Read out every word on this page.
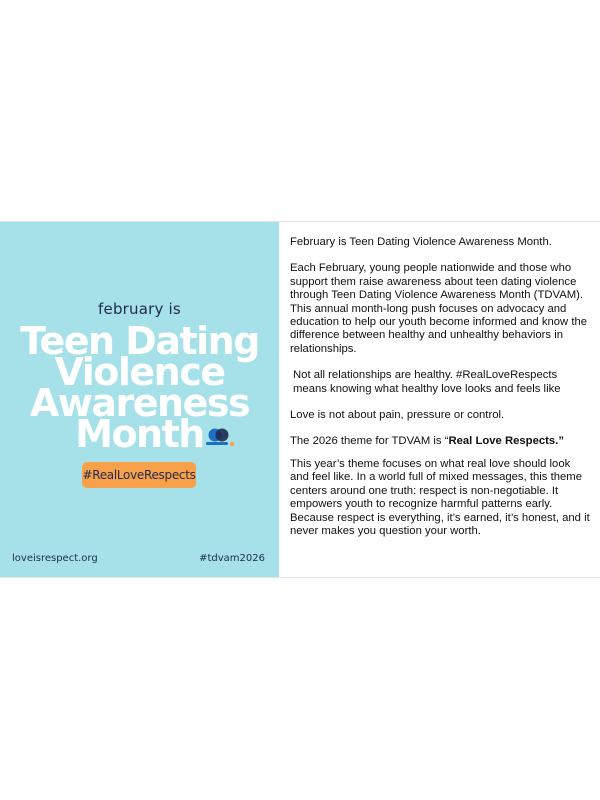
february is
Teen Dating
Violence
Awareness
Month
#RealLoveRespects
loveisrespect.org	#tdvam2026

February is Teen Dating Violence Awareness Month.

Each February, young people nationwide and those who support them raise awareness about teen dating violence through Teen Dating Violence Awareness Month (TDVAM). This annual month-long push focuses on advocacy and education to help our youth become informed and know the difference between healthy and unhealthy behaviors in relationships.

Not all relationships are healthy. #RealLoveRespects means knowing what healthy love looks and feels like

Love is not about pain, pressure or control.

The 2026 theme for TDVAM is “Real Love Respects.”

This year’s theme focuses on what real love should look and feel like. In a world full of mixed messages, this theme centers around one truth: respect is non-negotiable. It empowers youth to recognize harmful patterns early. Because respect is everything, it’s earned, it’s honest, and it never makes you question your worth.
